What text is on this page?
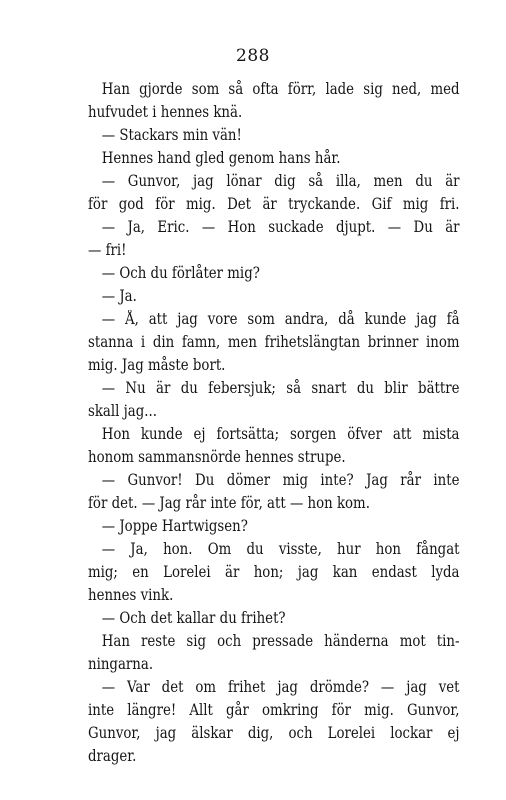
288
Han gjorde som så ofta förr, lade sig ned, med
hufvudet i hennes knä.
— Stackars min vän!
Hennes hand gled genom hans hår.
— Gunvor, jag lönar dig så illa, men du är
för god för mig. Det är tryckande. Gif mig fri.
— Ja, Eric. — Hon suckade djupt. — Du är
— fri!
— Och du förlåter mig?
— Ja.
— Å, att jag vore som andra, då kunde jag få
stanna i din famn, men frihetslängtan brinner inom
mig. Jag måste bort.
— Nu är du febersjuk; så snart du blir bättre
skall jag...
Hon kunde ej fortsätta; sorgen öfver att mista
honom sammansnörde hennes strupe.
— Gunvor! Du dömer mig inte? Jag rår inte
för det. — Jag rår inte för, att — hon kom.
— Joppe Hartwigsen?
— Ja, hon. Om du visste, hur hon fångat
mig; en Lorelei är hon; jag kan endast lyda
hennes vink.
— Och det kallar du frihet?
Han reste sig och pressade händerna mot tin-
ningarna.
— Var det om frihet jag drömde? — jag vet
inte längre! Allt går omkring för mig. Gunvor,
Gunvor, jag älskar dig, och Lorelei lockar ej
drager.
